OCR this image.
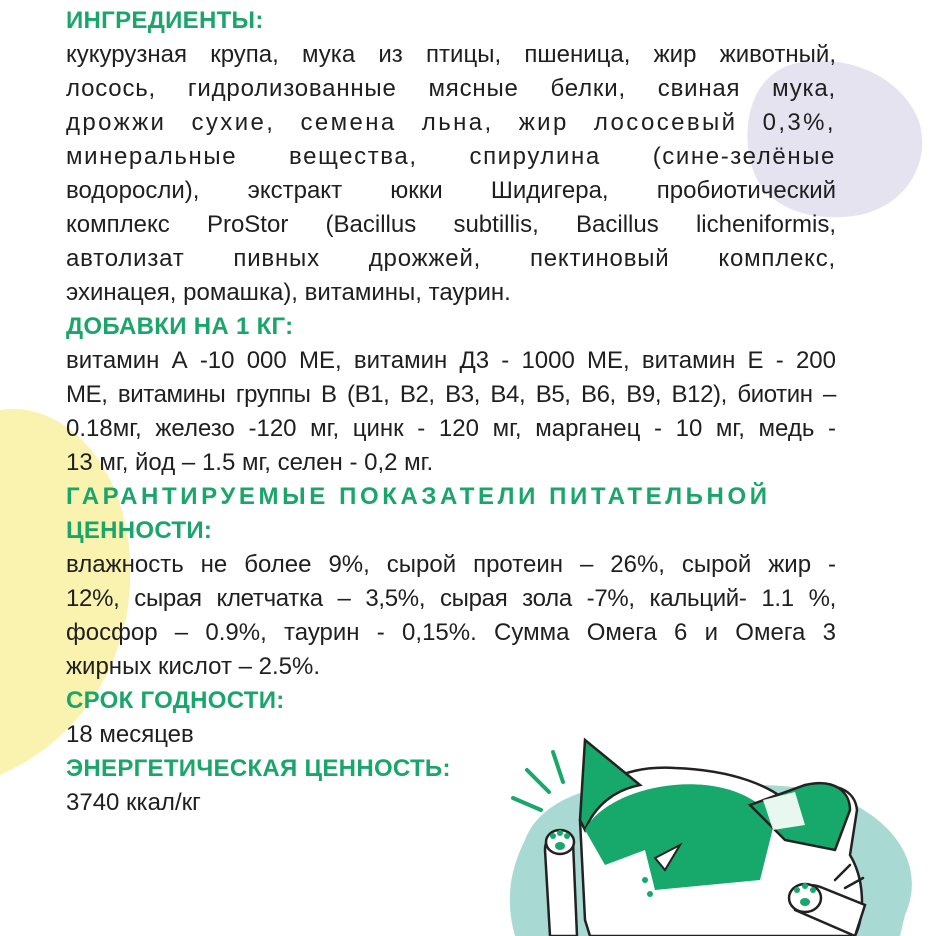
ИНГРЕДИЕНТЫ:
кукурузная крупа, мука из птицы, пшеница, жир животный,
лосось, гидролизованные мясные белки, свиная мука,
дрожжи сухие, семена льна, жир лососевый 0,3%,
минеральные вещества, спирулина (сине-зелёные
водоросли), экстракт юкки Шидигера, пробиотический
комплекс ProStor (Bacillus subtillis, Bacillus licheniformis,
автолизат пивных дрожжей, пектиновый комплекс,
эхинацея, ромашка), витамины, таурин.
ДОБАВКИ НА 1 КГ:
витамин А -10 000 МЕ, витамин Д3 - 1000 МЕ, витамин Е - 200
МЕ, витамины группы В (В1, В2, В3, В4, В5, В6, В9, В12), биотин –
0.18мг, железо -120 мг, цинк - 120 мг, марганец - 10 мг, медь -
13 мг, йод – 1.5 мг, селен - 0,2 мг.
ГАРАНТИРУЕМЫЕ ПОКАЗАТЕЛИ ПИТАТЕЛЬНОЙ
ЦЕННОСТИ:
влажность не более 9%, сырой протеин – 26%, сырой жир -
12%, сырая клетчатка – 3,5%, сырая зола -7%, кальций- 1.1 %,
фосфор – 0.9%, таурин - 0,15%. Сумма Омега 6 и Омега 3
жирных кислот – 2.5%.
СРОК ГОДНОСТИ:
18 месяцев
ЭНЕРГЕТИЧЕСКАЯ ЦЕННОСТЬ:
3740 ккал/кг
